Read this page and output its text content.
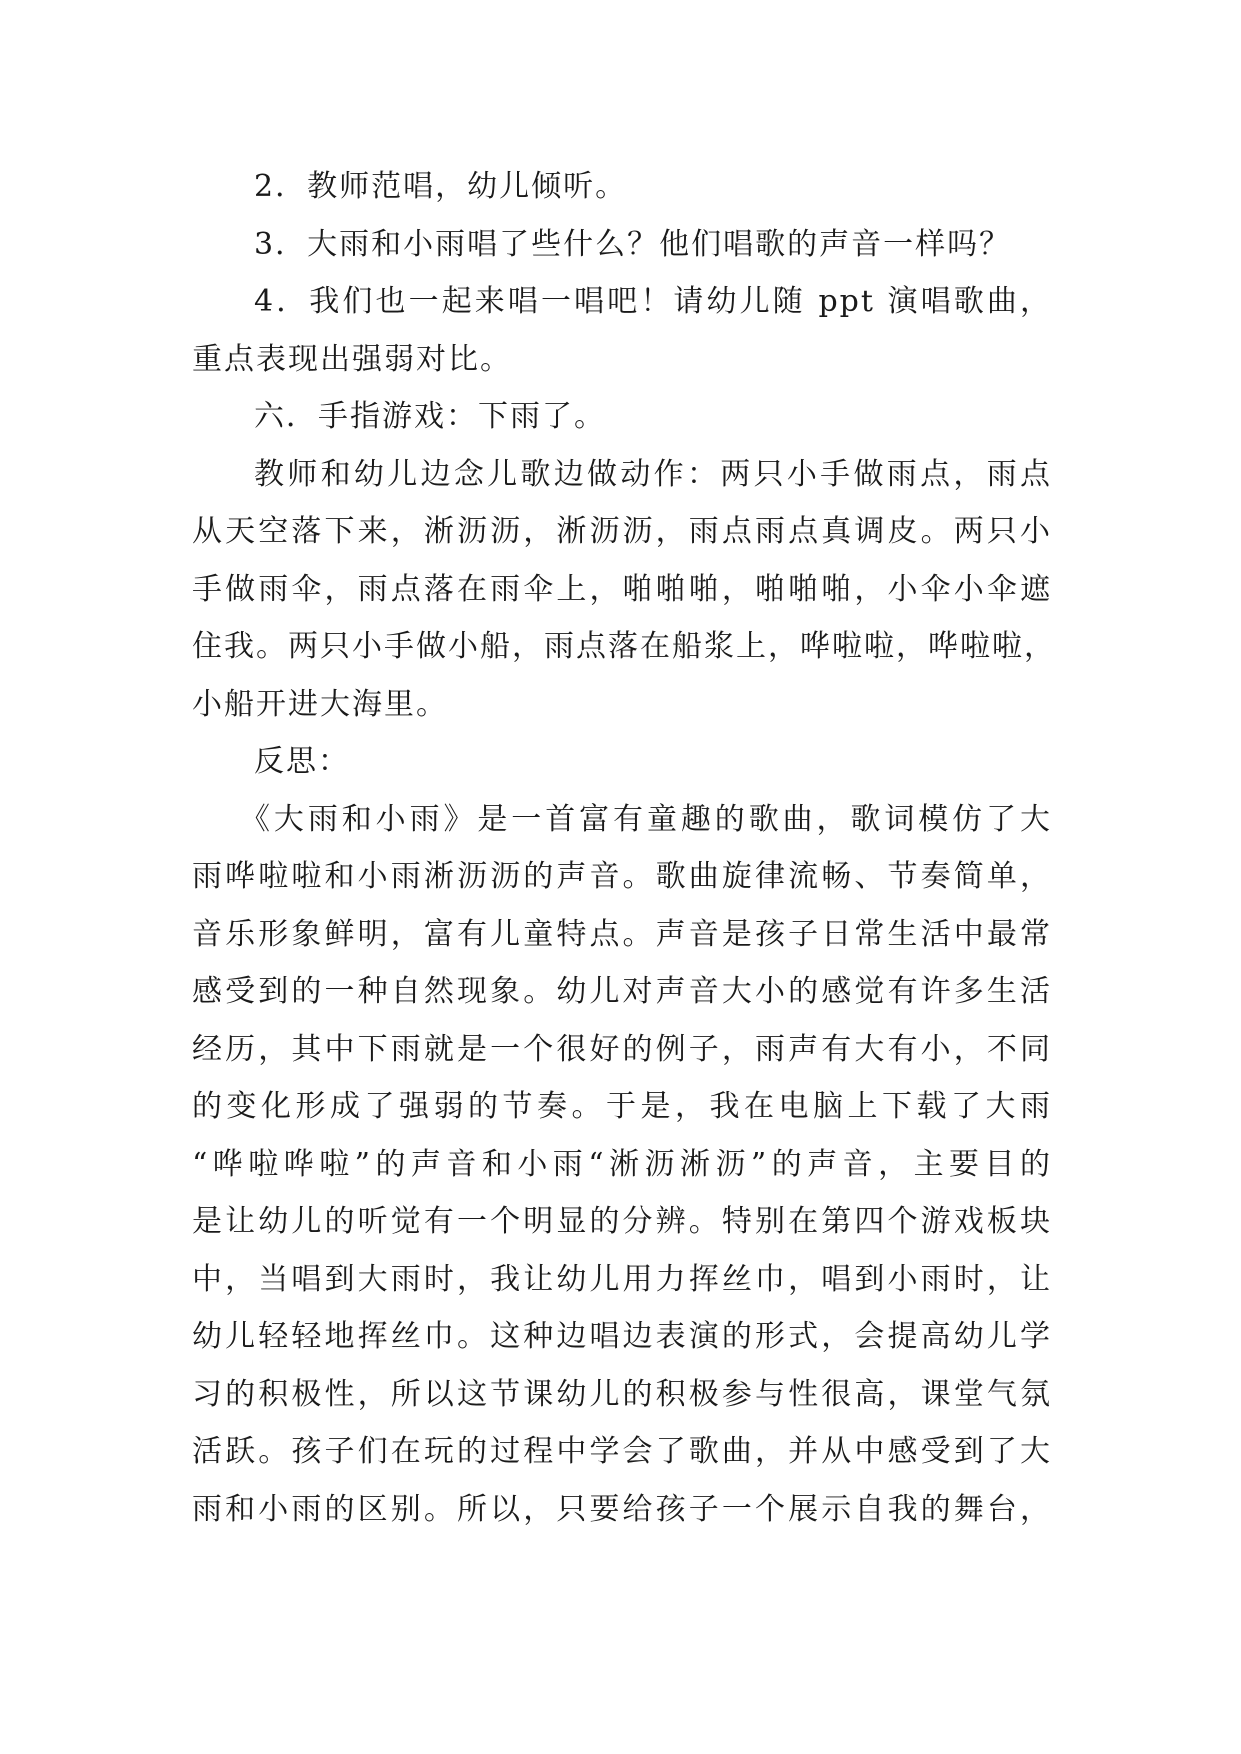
2．教师范唱，幼儿倾听。
3．大雨和小雨唱了些什么？他们唱歌的声音一样吗？
4．我们也一起来唱一唱吧！请幼儿随 ppt 演唱歌曲，
重点表现出强弱对比。
六．手指游戏：下雨了。
教师和幼儿边念儿歌边做动作：两只小手做雨点，雨点
从天空落下来，淅沥沥，淅沥沥，雨点雨点真调皮。两只小
手做雨伞，雨点落在雨伞上，啪啪啪，啪啪啪，小伞小伞遮
住我。两只小手做小船，雨点落在船浆上，哗啦啦，哗啦啦，
小船开进大海里。
反思：
《大雨和小雨》是一首富有童趣的歌曲，歌词模仿了大
雨哗啦啦和小雨淅沥沥的声音。歌曲旋律流畅、节奏简单，
音乐形象鲜明，富有儿童特点。声音是孩子日常生活中最常
感受到的一种自然现象。幼儿对声音大小的感觉有许多生活
经历，其中下雨就是一个很好的例子，雨声有大有小，不同
的变化形成了强弱的节奏。于是，我在电脑上下载了大雨
“哗啦哗啦”的声音和小雨“淅沥淅沥”的声音，主要目的
是让幼儿的听觉有一个明显的分辨。特别在第四个游戏板块
中，当唱到大雨时，我让幼儿用力挥丝巾，唱到小雨时，让
幼儿轻轻地挥丝巾。这种边唱边表演的形式，会提高幼儿学
习的积极性，所以这节课幼儿的积极参与性很高，课堂气氛
活跃。孩子们在玩的过程中学会了歌曲，并从中感受到了大
雨和小雨的区别。所以，只要给孩子一个展示自我的舞台，
